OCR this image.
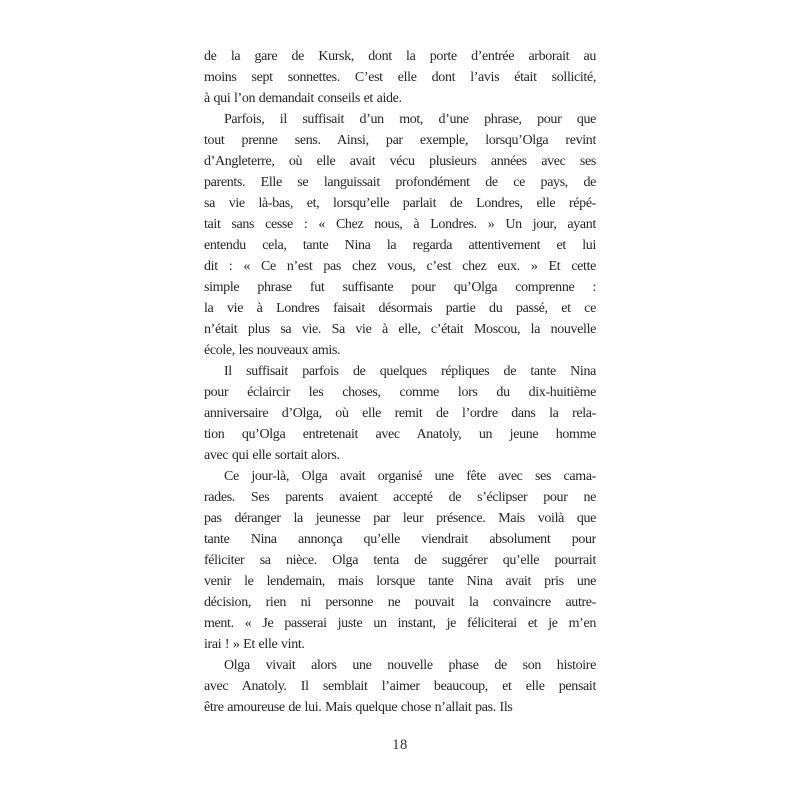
de la gare de Kursk, dont la porte d’entrée arborait au
moins sept sonnettes. C’est elle dont l’avis était sollicité,
à qui l’on demandait conseils et aide.
Parfois, il suffisait d’un mot, d’une phrase, pour que
tout prenne sens. Ainsi, par exemple, lorsqu’Olga revint
d’Angleterre, où elle avait vécu plusieurs années avec ses
parents. Elle se languissait profondément de ce pays, de
sa vie là-bas, et, lorsqu’elle parlait de Londres, elle répé-
tait sans cesse : « Chez nous, à Londres. » Un jour, ayant
entendu cela, tante Nina la regarda attentivement et lui
dit : « Ce n’est pas chez vous, c’est chez eux. » Et cette
simple phrase fut suffisante pour qu’Olga comprenne :
la vie à Londres faisait désormais partie du passé, et ce
n’était plus sa vie. Sa vie à elle, c’était Moscou, la nouvelle
école, les nouveaux amis.
Il suffisait parfois de quelques répliques de tante Nina
pour éclaircir les choses, comme lors du dix-huitième
anniversaire d’Olga, où elle remit de l’ordre dans la rela-
tion qu’Olga entretenait avec Anatoly, un jeune homme
avec qui elle sortait alors.
Ce jour-là, Olga avait organisé une fête avec ses cama-
rades. Ses parents avaient accepté de s’éclipser pour ne
pas déranger la jeunesse par leur présence. Mais voilà que
tante Nina annonça qu’elle viendrait absolument pour
féliciter sa nièce. Olga tenta de suggérer qu’elle pourrait
venir le lendemain, mais lorsque tante Nina avait pris une
décision, rien ni personne ne pouvait la convaincre autre-
ment. « Je passerai juste un instant, je féliciterai et je m’en
irai ! » Et elle vint.
Olga vivait alors une nouvelle phase de son histoire
avec Anatoly. Il semblait l’aimer beaucoup, et elle pensait
être amoureuse de lui. Mais quelque chose n’allait pas. Ils
18
